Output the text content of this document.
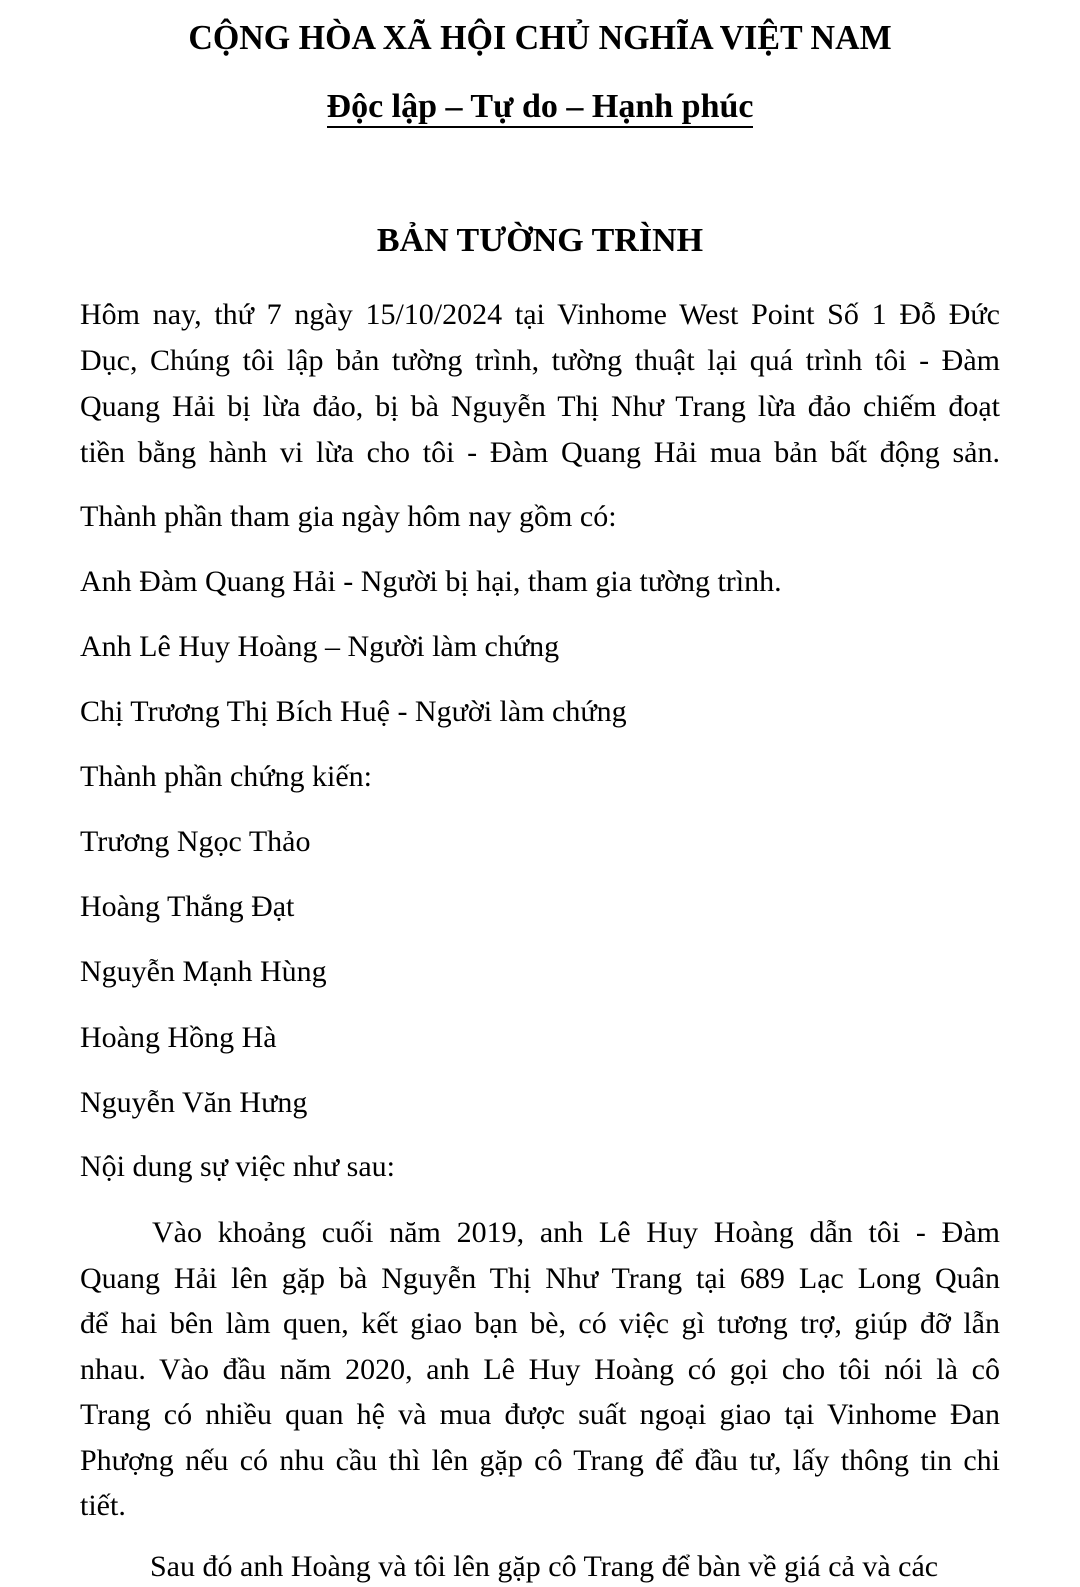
CỘNG HÒA XÃ HỘI CHỦ NGHĨA VIỆT NAM
Độc lập – Tự do – Hạnh phúc
BẢN TƯỜNG TRÌNH
Hôm nay, thứ 7 ngày 15/10/2024 tại Vinhome West Point Số 1 Đỗ Đức
Dục, Chúng tôi lập bản tường trình, tường thuật lại quá trình tôi - Đàm
Quang Hải bị lừa đảo, bị bà Nguyễn Thị Như Trang lừa đảo chiếm đoạt
tiền bằng hành vi lừa cho tôi - Đàm Quang Hải mua bản bất động sản.
Thành phần tham gia ngày hôm nay gồm có:
Anh Đàm Quang Hải - Người bị hại, tham gia tường trình.
Anh Lê Huy Hoàng – Người làm chứng
Chị Trương Thị Bích Huệ - Người làm chứng
Thành phần chứng kiến:
Trương Ngọc Thảo
Hoàng Thắng Đạt
Nguyễn Mạnh Hùng
Hoàng Hồng Hà
Nguyễn Văn Hưng
Nội dung sự việc như sau:
Vào khoảng cuối năm 2019, anh Lê Huy Hoàng dẫn tôi - Đàm
Quang Hải lên gặp bà Nguyễn Thị Như Trang tại 689 Lạc Long Quân
để hai bên làm quen, kết giao bạn bè, có việc gì tương trợ, giúp đỡ lẫn
nhau. Vào đầu năm 2020, anh Lê Huy Hoàng có gọi cho tôi nói là cô
Trang có nhiều quan hệ và mua được suất ngoại giao tại Vinhome Đan
Phượng nếu có nhu cầu thì lên gặp cô Trang để đầu tư, lấy thông tin chi
tiết.
Sau đó anh Hoàng và tôi lên gặp cô Trang để bàn về giá cả và các
